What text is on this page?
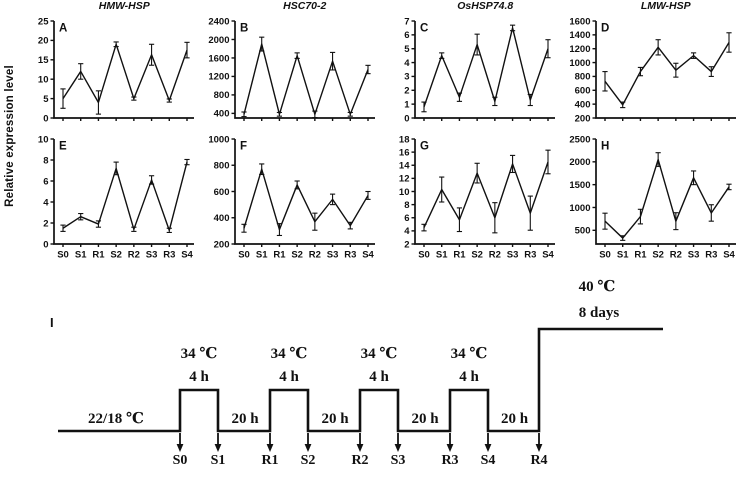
Relative expression level
HMW-HSP
0
5
10
15
20
25
A
HSC70-2
400
800
1200
1600
2000
2400
B
OsHSP74.8
0
1
2
3
4
5
6
7
C
LMW-HSP
200
400
600
800
1000
1200
1400
1600
D
0
2
4
6
8
10
S0 S1 R1 S2 R2 S3 R3 S4
E
200
400
600
800
1000
S0 S1 R1 S2 R2 S3 R3 S4
F
2
4
6
8
10
12
14
16
18
S0 S1 R1 S2 R2 S3 R3 S4
G
500
1000
1500
2000
2500
S0 S1 R1 S2 R2 S3 R3 S4
H
S0 S1	R1 S2	R2 S3	R3 S4	R4
34 ℃
4 h
34 ℃
4 h
34 ℃
4 h
34 ℃
4 h
20 h	20 h	20 h	20 h
22/18 ℃
40 ℃
8 days
I
